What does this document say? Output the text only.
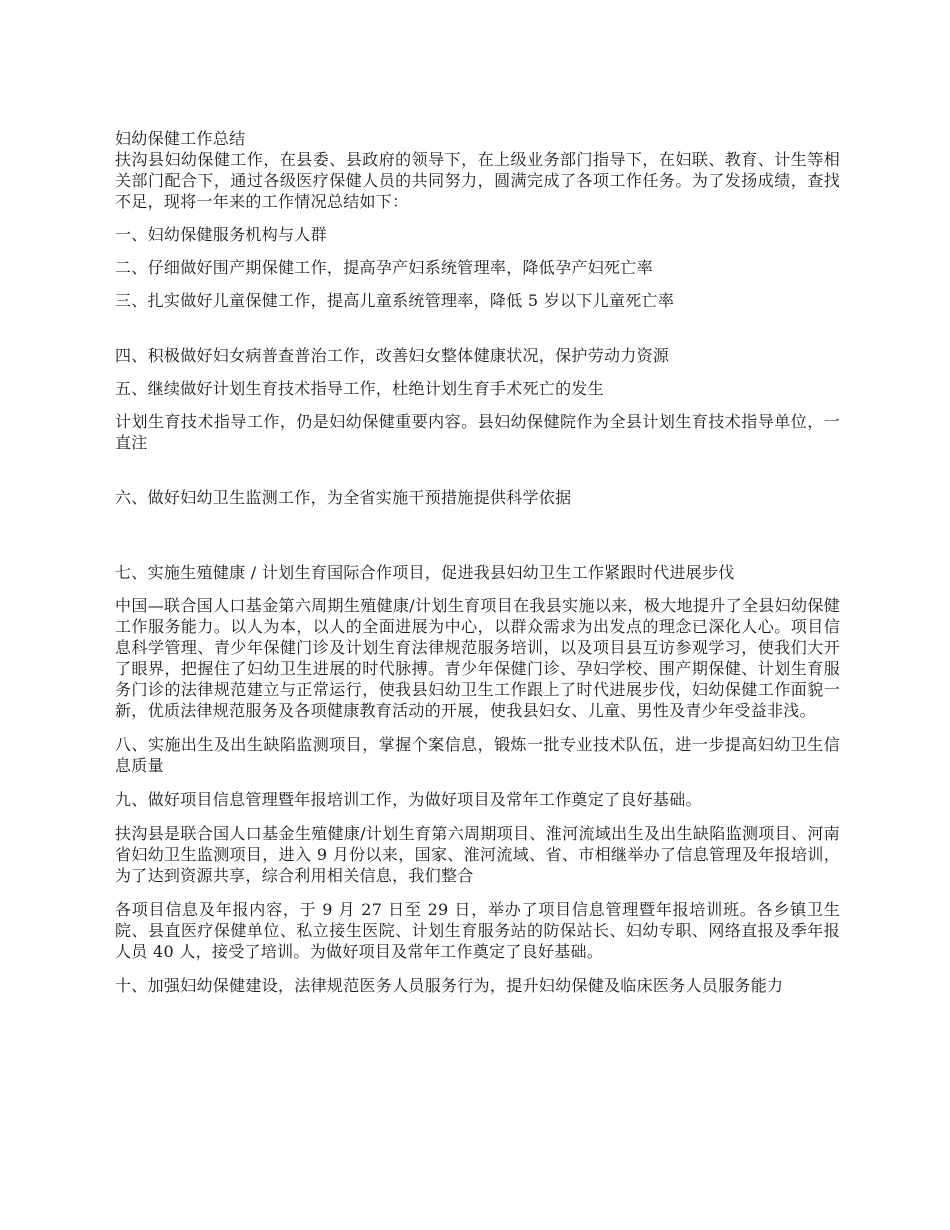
妇幼保健工作总结

扶沟县妇幼保健工作，在县委、县政府的领导下，在上级业务部门指导下，在妇联、教育、计生等相关部门配合下，通过各级医疗保健人员的共同努力，圆满完成了各项工作任务。为了发扬成绩，查找不足，现将一年来的工作情况总结如下：

一、妇幼保健服务机构与人群

二、仔细做好围产期保健工作，提高孕产妇系统管理率，降低孕产妇死亡率

三、扎实做好儿童保健工作，提高儿童系统管理率，降低 5 岁以下儿童死亡率

四、积极做好妇女病普查普治工作，改善妇女整体健康状况，保护劳动力资源

五、继续做好计划生育技术指导工作，杜绝计划生育手术死亡的发生

计划生育技术指导工作，仍是妇幼保健重要内容。县妇幼保健院作为全县计划生育技术指导单位，一直注

六、做好妇幼卫生监测工作，为全省实施干预措施提供科学依据

七、实施生殖健康 / 计划生育国际合作项目，促进我县妇幼卫生工作紧跟时代进展步伐

中国—联合国人口基金第六周期生殖健康/计划生育项目在我县实施以来，极大地提升了全县妇幼保健工作服务能力。以人为本，以人的全面进展为中心，以群众需求为出发点的理念已深化人心。项目信息科学管理、青少年保健门诊及计划生育法律规范服务培训，以及项目县互访参观学习，使我们大开了眼界，把握住了妇幼卫生进展的时代脉搏。青少年保健门诊、孕妇学校、围产期保健、计划生育服务门诊的法律规范建立与正常运行，使我县妇幼卫生工作跟上了时代进展步伐，妇幼保健工作面貌一新，优质法律规范服务及各项健康教育活动的开展，使我县妇女、儿童、男性及青少年受益非浅。

八、实施出生及出生缺陷监测项目，掌握个案信息，锻炼一批专业技术队伍，进一步提高妇幼卫生信息质量

九、做好项目信息管理暨年报培训工作，为做好项目及常年工作奠定了良好基础。

扶沟县是联合国人口基金生殖健康/计划生育第六周期项目、淮河流域出生及出生缺陷监测项目、河南省妇幼卫生监测项目，进入 9 月份以来，国家、淮河流域、省、市相继举办了信息管理及年报培训，为了达到资源共享，综合利用相关信息，我们整合

各项目信息及年报内容，于 9 月 27 日至 29 日，举办了项目信息管理暨年报培训班。各乡镇卫生院、县直医疗保健单位、私立接生医院、计划生育服务站的防保站长、妇幼专职、网络直报及季年报人员 40 人，接受了培训。为做好项目及常年工作奠定了良好基础。

十、加强妇幼保健建设，法律规范医务人员服务行为，提升妇幼保健及临床医务人员服务能力
